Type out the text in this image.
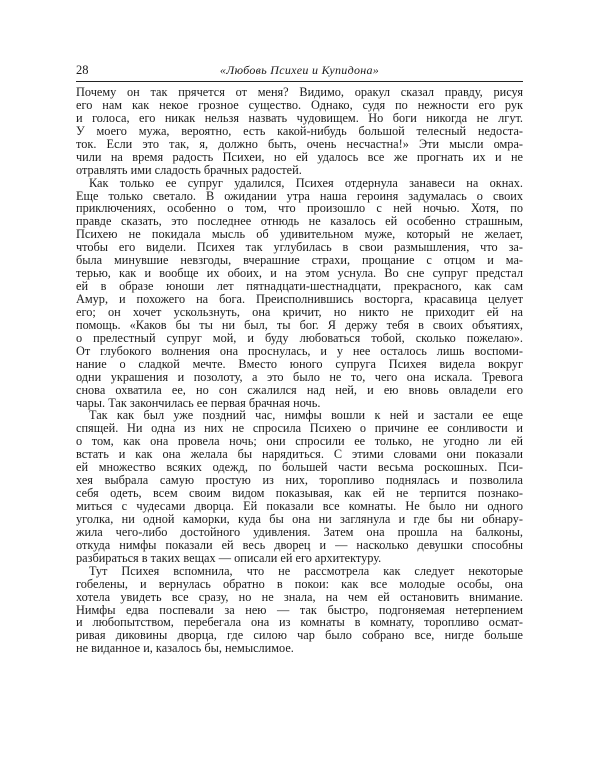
28	«Любовь Психеи и Купидона»
Почему он так прячется от меня? Видимо, оракул сказал правду, рисуя
его нам как некое грозное существо. Однако, судя по нежности его рук
и голоса, его никак нельзя назвать чудовищем. Но боги никогда не лгут.
У моего мужа, вероятно, есть какой-нибудь большой телесный недоста-
ток. Если это так, я, должно быть, очень несчастна!» Эти мысли омра-
чили на время радость Психеи, но ей удалось все же прогнать их и не
отравлять ими сладость брачных радостей.
Как только ее супруг удалился, Психея отдернула занавеси на окнах.
Еще только светало. В ожидании утра наша героиня задумалась о своих
приключениях, особенно о том, что произошло с ней ночью. Хотя, по
правде сказать, это последнее отнюдь не казалось ей особенно страшным,
Психею не покидала мысль об удивительном муже, который не желает,
чтобы его видели. Психея так углубилась в свои размышления, что за-
была минувшие невзгоды, вчерашние страхи, прощание с отцом и ма-
терью, как и вообще их обоих, и на этом уснула. Во сне супруг предстал
ей в образе юноши лет пятнадцати-шестнадцати, прекрасного, как сам
Амур, и похожего на бога. Преисполнившись восторга, красавица целует
его; он хочет ускользнуть, она кричит, но никто не приходит ей на
помощь. «Каков бы ты ни был, ты бог. Я держу тебя в своих объятиях,
о прелестный супруг мой, и буду любоваться тобой, сколько пожелаю».
От глубокого волнения она проснулась, и у нее осталось лишь воспоми-
нание о сладкой мечте. Вместо юного супруга Психея видела вокруг
одни украшения и позолоту, а это было не то, чего она искала. Тревога
снова охватила ее, но сон сжалился над ней, и ею вновь овладели его
чары. Так закончилась ее первая брачная ночь.
Так как был уже поздний час, нимфы вошли к ней и застали ее еще
спящей. Ни одна из них не спросила Психею о причине ее сонливости и
о том, как она провела ночь; они спросили ее только, не угодно ли ей
встать и как она желала бы нарядиться. С этими словами они показали
ей множество всяких одежд, по большей части весьма роскошных. Пси-
хея выбрала самую простую из них, торопливо поднялась и позволила
себя одеть, всем своим видом показывая, как ей не терпится познако-
миться с чудесами дворца. Ей показали все комнаты. Не было ни одного
уголка, ни одной каморки, куда бы она ни заглянула и где бы ни обнару-
жила чего-либо достойного удивления. Затем она прошла на балконы,
откуда нимфы показали ей весь дворец и — насколько девушки способны
разбираться в таких вещах — описали ей его архитектуру.
Тут Психея вспомнила, что не рассмотрела как следует некоторые
гобелены, и вернулась обратно в покои: как все молодые особы, она
хотела увидеть все сразу, но не знала, на чем ей остановить внимание.
Нимфы едва поспевали за нею — так быстро, подгоняемая нетерпением
и любопытством, перебегала она из комнаты в комнату, торопливо осмат-
ривая диковины дворца, где силою чар было собрано все, нигде больше
не виданное и, казалось бы, немыслимое.
